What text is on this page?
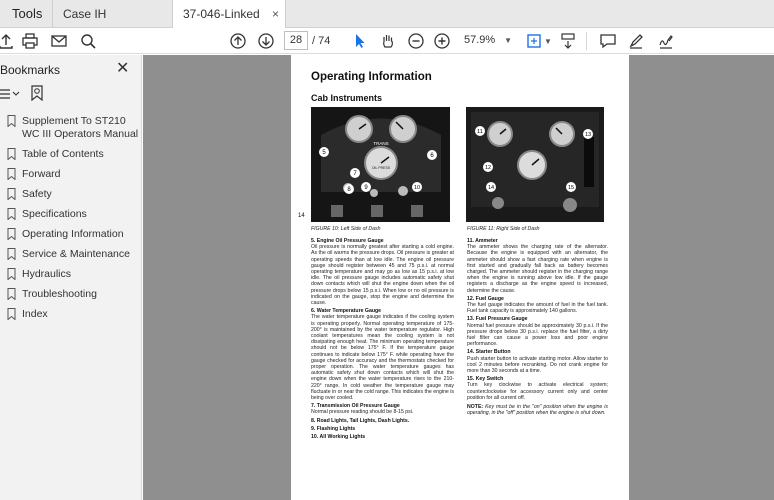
Tools	Case IH	37-046-Linked ×
28 / 74	57.9% ▼	▼
Bookmarks	✕
Supplement To ST210 WC III Operators Manual
Table of Contents
Forward
Safety
Specifications
Operating Information
Service & Maintenance
Hydraulics
Troubleshooting
Index
Operating Information
Cab Instruments
5	6
7
8 9	10
TRANS
OIL PRESS
14
11
12
13
14	15
FIGURE 10: Left Side of Dash	FIGURE 11: Right Side of Dash
5. Engine Oil Pressure Gauge
Oil pressure is normally greatest after starting a cold engine. As the oil warms the pressure drops. Oil pressure is greater at operating speeds than at low idle. The engine oil pressure gauge should register between 45 and 75 p.s.i. at normal operating temperature and may go as low as 15 p.s.i. at low idle. The oil pressure gauge includes automatic safety shut down contacts which will shut the engine down when the oil pressure drops below 15 p.s.i. When low or no oil pressure is indicated on the gauge, stop the engine and determine the cause.
6. Water Temperature Gauge
The water temperature gauge indicates if the cooling system is operating properly. Normal operating temperature of 175-200° is maintained by the water temperature regulator. High coolant temperatures mean the cooling system is not dissipating enough heat. The minimum operating temperature should not be below 175° F. If the temperature gauge continues to indicate below 175° F. while operating have the gauge checked for accuracy and the thermostats checked for proper operation. The water temperature gauges has automatic safety shut down contacts which will shut the engine down when the water temperature rises to the 210-220° range. In cold weather the temperature gauge may fluctuate in or near the cold range. This indicates the engine is being over cooled.
7. Transmission Oil Pressure Gauge
Normal pressure reading should be 8-15 psi.
8. Road Lights, Tail Lights, Dash Lights.
9. Flashing Lights
10. All Working Lights
11. Ammeter
The ammeter shows the charging rate of the alternator. Because the engine is equipped with an alternator, the ammeter should show a fast charging rate when engine is first started and gradually fall back as battery becomes charged. The ammeter should register in the charging range when the engine is running above low idle. If the gauge registers a discharge as the engine speed is increased, determine the cause.
12. Fuel Gauge
The fuel gauge indicates the amount of fuel in the fuel tank. Fuel tank capacity is approximately 140 gallons.
13. Fuel Pressure Gauge
Normal fuel pressure should be approximately 30 p.s.i. If the pressure drops below 30 p.s.i. replace the fuel filter, a dirty fuel filter can cause a power loss and poor engine performance.
14. Starter Button
Push starter button to activate starting motor. Allow starter to cool 2 minutes before recranking. Do not crank engine for more than 30 seconds at a time.
15. Key Switch
Turn key clockwise to activate electrical system; counterclockwise for accessory current only and center position for all current off.
NOTE: Key must be in the "on" position when the engine is operating, in the "off" position when the engine is shut down.
